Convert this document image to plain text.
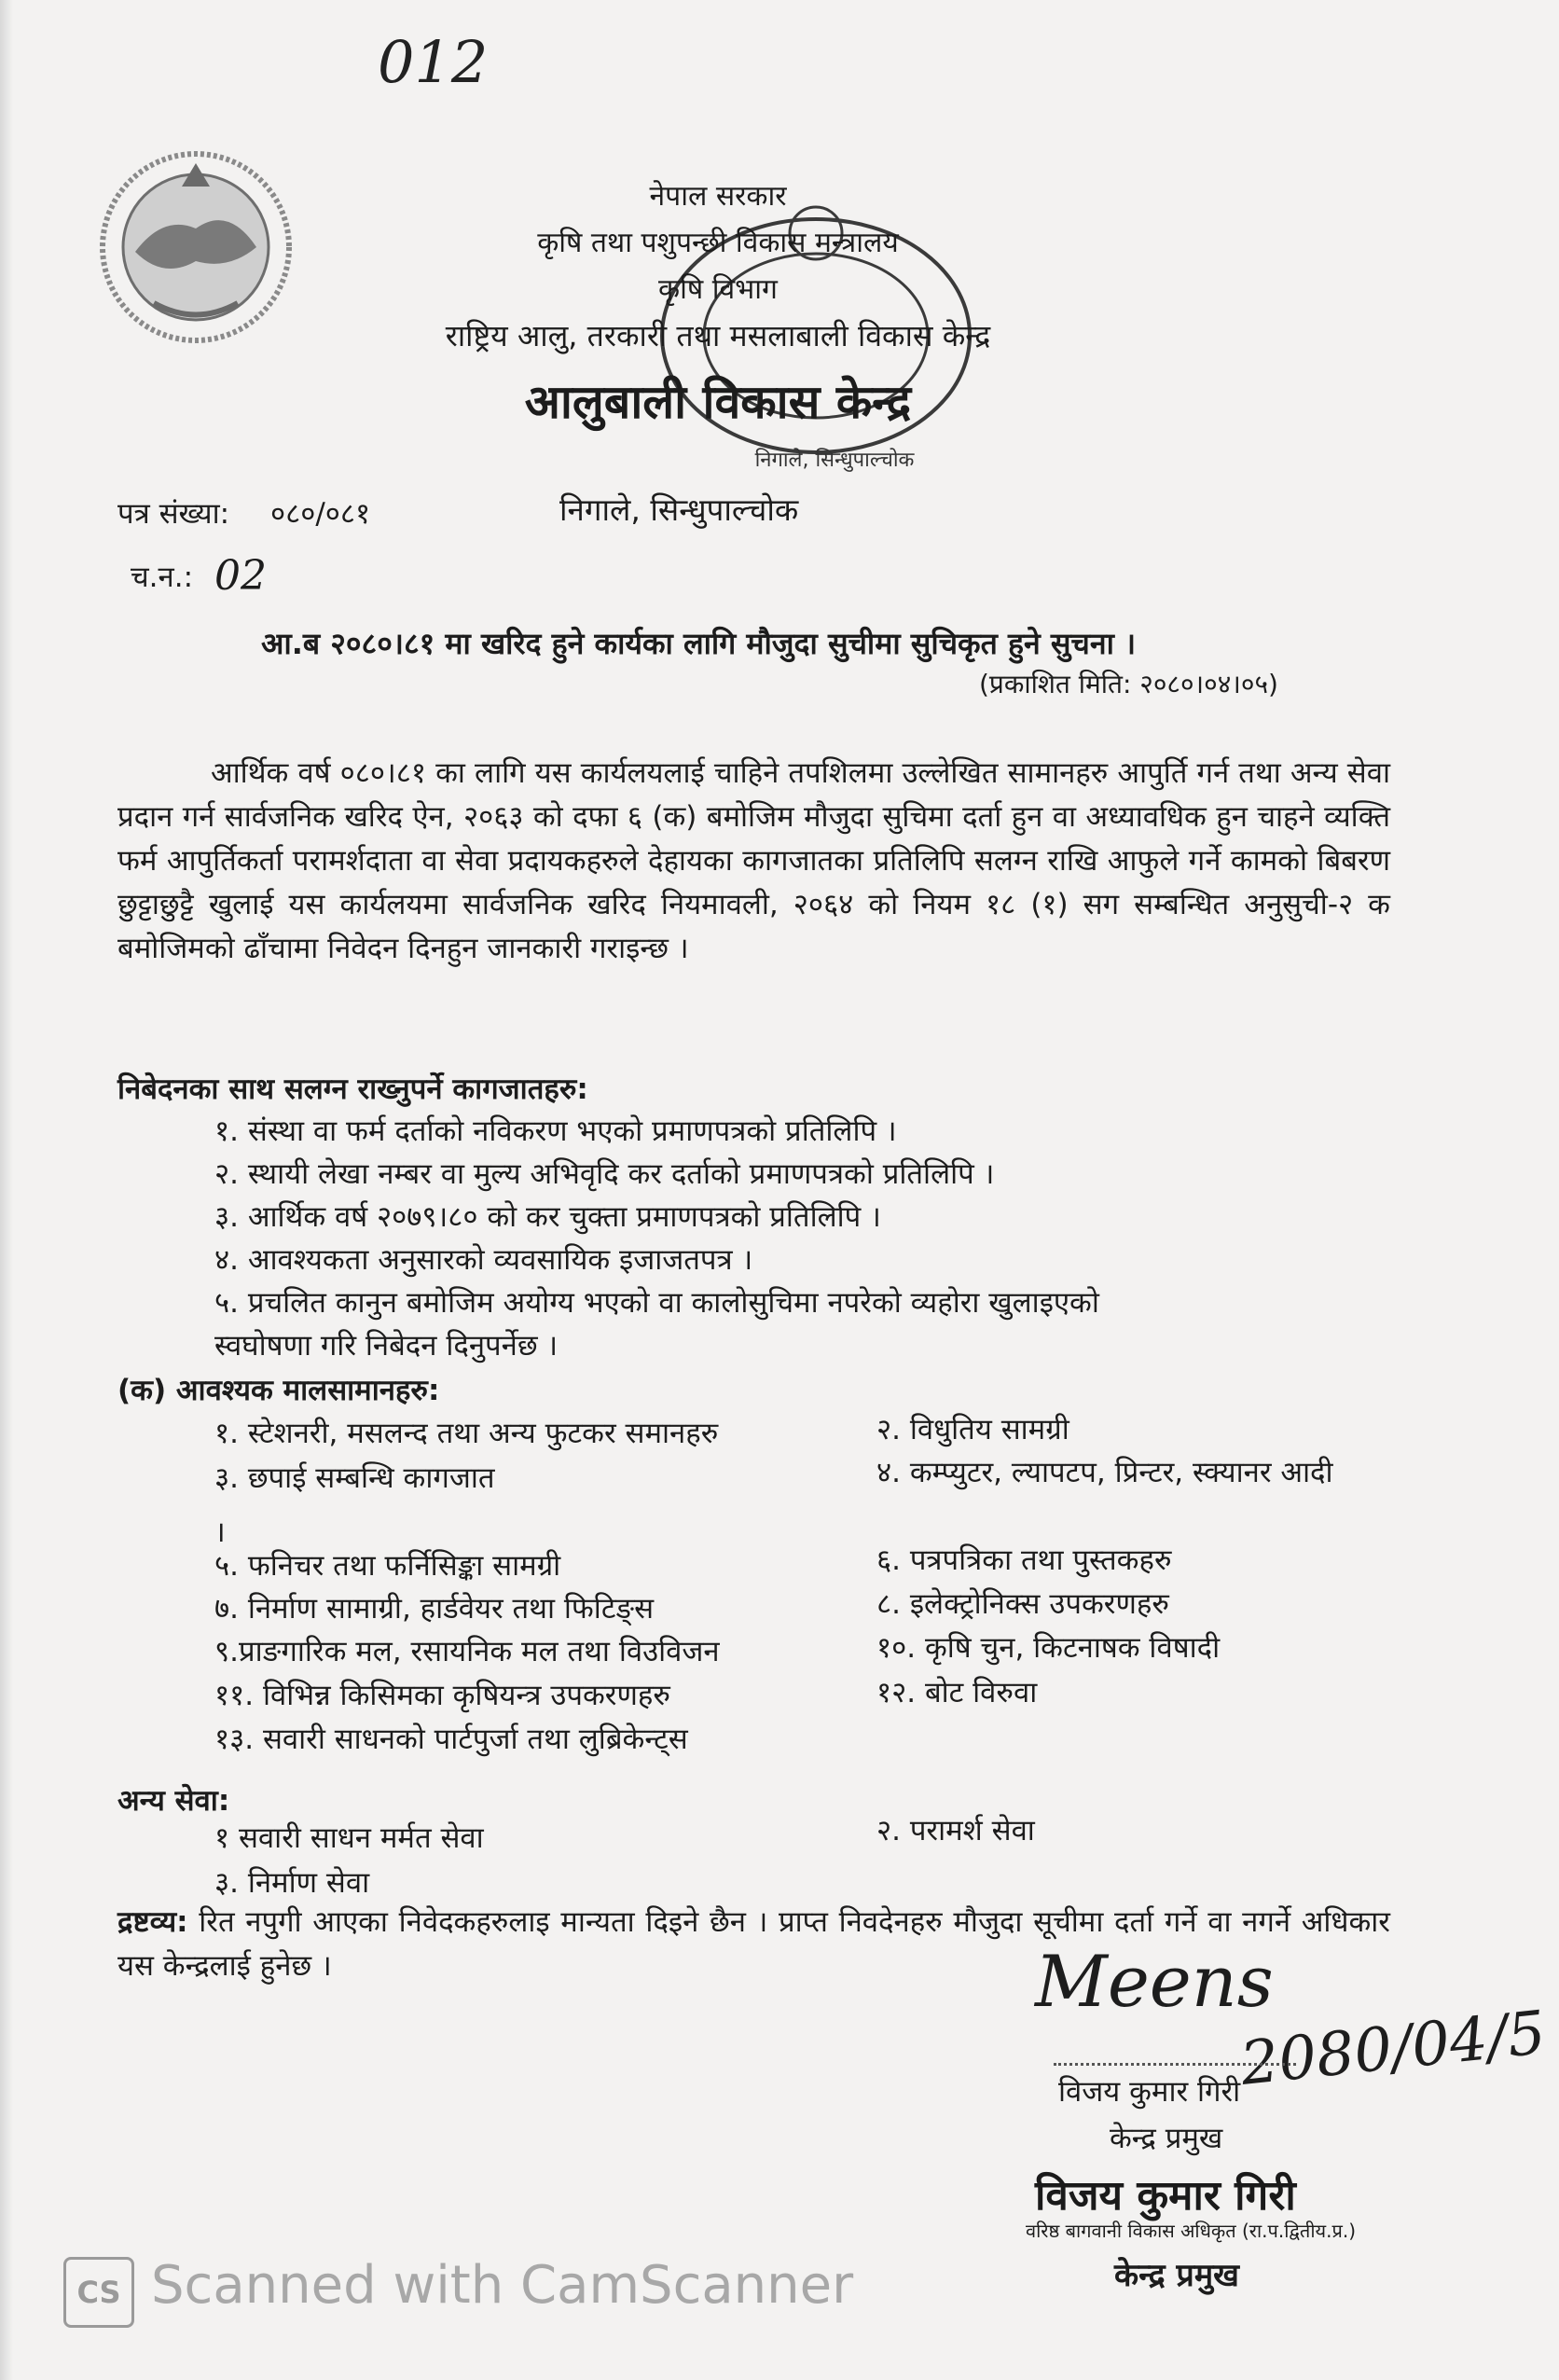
012
निगाले, सिन्धुपाल्चोक
नेपाल सरकार
कृषि तथा पशुपन्छी विकास मन्त्रालय
कृषि विभाग
राष्ट्रिय आलु, तरकारी तथा मसलाबाली विकास केन्द्र
आलुबाली विकास केन्द्र
पत्र संख्या: ०८०/०८१	निगाले, सिन्धुपाल्चोक
च.न.: 02
आ.ब २०८०।८१ मा खरिद हुने कार्यका लागि मौजुदा सुचीमा सुचिकृत हुने सुचना ।
(प्रकाशित मिति: २०८०।०४।०५)
आर्थिक वर्ष ०८०।८१ का लागि यस कार्यलयलाई चाहिने तपशिलमा उल्लेखित सामानहरु आपुर्ति गर्न तथा अन्य सेवा प्रदान गर्न सार्वजनिक खरिद ऐन, २०६३ को दफा ६ (क) बमोजिम मौजुदा सुचिमा दर्ता हुन वा अध्यावधिक हुन चाहने व्यक्ति फर्म आपुर्तिकर्ता परामर्शदाता वा सेवा प्रदायकहरुले देहायका कागजातका प्रतिलिपि सलग्न राखि आफुले गर्ने कामको बिबरण छुट्टाछुट्टै खुलाई यस कार्यलयमा सार्वजनिक खरिद नियमावली, २०६४ को नियम १८ (१) सग सम्बन्धित अनुसुची-२ क बमोजिमको ढाँचामा निवेदन दिनहुन जानकारी गराइन्छ ।
निबेदनका साथ सलग्न राख्नुपर्ने कागजातहरु:
१. संस्था वा फर्म दर्ताको नविकरण भएको प्रमाणपत्रको प्रतिलिपि ।
२. स्थायी लेखा नम्बर वा मुल्य अभिवृदि कर दर्ताको प्रमाणपत्रको प्रतिलिपि ।
३. आर्थिक वर्ष २०७९।८० को कर चुक्ता प्रमाणपत्रको प्रतिलिपि ।
४. आवश्यकता अनुसारको व्यवसायिक इजाजतपत्र ।
५. प्रचलित कानुन बमोजिम अयोग्य भएको वा कालोसुचिमा नपरेको व्यहोरा खुलाइएको
स्वघोषणा गरि निबेदन दिनुपर्नेछ ।
(क) आवश्यक मालसामानहरु:
१. स्टेशनरी, मसलन्द तथा अन्य फुटकर समानहरु
३. छपाई सम्बन्धि कागजात
।
५. फनिचर तथा फर्निसिङ्का सामग्री
७. निर्माण सामाग्री, हार्डवेयर तथा फिटिङ्स
९.प्राङगारिक मल, रसायनिक मल तथा विउविजन
११. विभिन्न किसिमका कृषियन्त्र उपकरणहरु
१३. सवारी साधनको पार्टपुर्जा तथा लुब्रिकेन्ट्स
२. विधुतिय सामग्री
४. कम्प्युटर, ल्यापटप, प्रिन्टर, स्क्यानर आदी
६. पत्रपत्रिका तथा पुस्तकहरु
८. इलेक्ट्रोनिक्स उपकरणहरु
१०. कृषि चुन, किटनाषक विषादी
१२. बोट विरुवा
अन्य सेवा:
१ सवारी साधन मर्मत सेवा
३. निर्माण सेवा
२. परामर्श सेवा
द्रष्टव्य: रित नपुगी आएका निवेदकहरुलाइ मान्यता दिइने छैन । प्राप्त निवदेनहरु मौजुदा सूचीमा दर्ता गर्ने वा नगर्ने अधिकार यस केन्द्रलाई हुनेछ ।	Meens
2080/04/5
विजय कुमार गिरी
केन्द्र प्रमुख
विजय कुमार गिरी
वरिष्ठ बागवानी विकास अधिकृत (रा.प.द्वितीय.प्र.)
केन्द्र प्रमुख
CS Scanned with CamScanner
